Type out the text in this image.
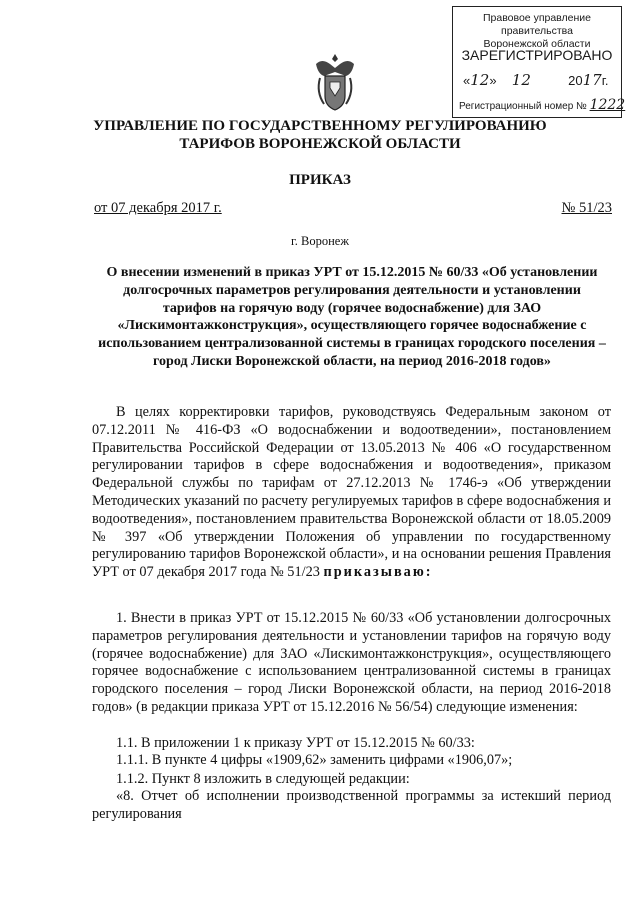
Правовое управление правительства
Воронежской области
ЗАРЕГИСТРИРОВАНО
«12»  12	2017г.
Регистрационный номер № 1222
УПРАВЛЕНИЕ ПО ГОСУДАРСТВЕННОМУ РЕГУЛИРОВАНИЮ
ТАРИФОВ ВОРОНЕЖСКОЙ ОБЛАСТИ
ПРИКАЗ
от 07 декабря 2017 г.	№ 51/23
г. Воронеж
О внесении изменений в приказ УРТ от 15.12.2015 № 60/33 «Об установлении долгосрочных параметров регулирования деятельности и установлении тарифов на горячую воду (горячее водоснабжение) для ЗАО «Лискимонтажконструкция», осуществляющего горячее водоснабжение с использованием централизованной системы в границах городского поселения – город Лиски Воронежской области, на период 2016-2018 годов»
В целях корректировки тарифов, руководствуясь Федеральным законом от 07.12.2011 № 416-ФЗ «О водоснабжении и водоотведении», постановлением Правительства Российской Федерации от 13.05.2013 № 406 «О государственном регулировании тарифов в сфере водоснабжения и водоотведения», приказом Федеральной службы по тарифам от 27.12.2013 № 1746-э «Об утверждении Методических указаний по расчету регулируемых тарифов в сфере водоснабжения и водоотведения», постановлением правительства Воронежской области от 18.05.2009 № 397 «Об утверждении Положения об управлении по государственному регулированию тарифов Воронежской области», и на основании решения Правления УРТ от 07 декабря 2017 года № 51/23 приказываю:
1. Внести в приказ УРТ от 15.12.2015 № 60/33 «Об установлении долгосрочных параметров регулирования деятельности и установлении тарифов на горячую воду (горячее водоснабжение) для ЗАО «Лискимонтажконструкция», осуществляющего горячее водоснабжение с использованием централизованной системы в границах городского поселения – город Лиски Воронежской области, на период 2016-2018 годов» (в редакции приказа УРТ от 15.12.2016 № 56/54) следующие изменения:
1.1. В приложении 1 к приказу УРТ от 15.12.2015 № 60/33:
1.1.1. В пункте 4 цифры «1909,62» заменить цифрами «1906,07»;
1.1.2. Пункт 8 изложить в следующей редакции:
«8. Отчет об исполнении производственной программы за истекший период регулирования
